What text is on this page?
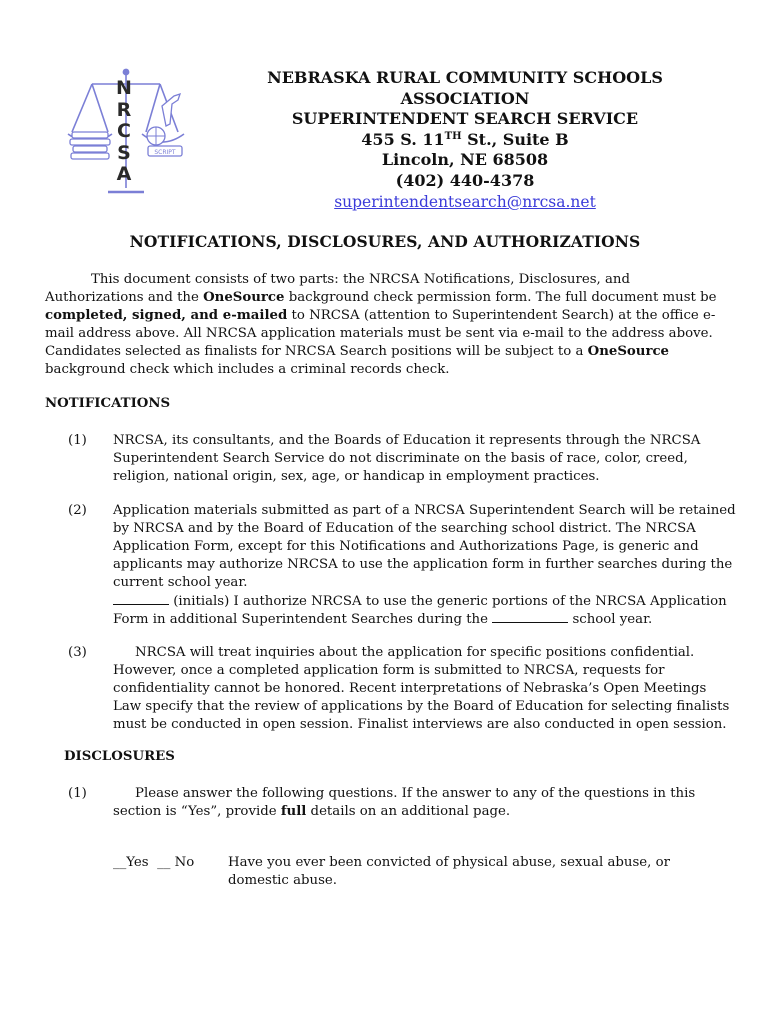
SCRIPT
N
R
C
S
A
NEBRASKA RURAL COMMUNITY SCHOOLS
ASSOCIATION
SUPERINTENDENT SEARCH SERVICE
455 S. 11TH St., Suite B
Lincoln, NE 68508
(402) 440-4378
superintendentsearch@nrcsa.net
NOTIFICATIONS, DISCLOSURES, AND AUTHORIZATIONS

This document consists of two parts: the NRCSA Notifications, Disclosures, and Authorizations and the OneSource background check permission form. The full document must be completed, signed, and e-mailed to NRCSA (attention to Superintendent Search) at the office e-mail address above. All NRCSA application materials must be sent via e-mail to the address above. Candidates selected as finalists for NRCSA Search positions will be subject to a OneSource background check which includes a criminal records check.

NOTIFICATIONS
(1) NRCSA, its consultants, and the Boards of Education it represents through the NRCSA Superintendent Search Service do not discriminate on the basis of race, color, creed, religion, national origin, sex, age, or handicap in employment practices.
(2) Application materials submitted as part of a NRCSA Superintendent Search will be retained by NRCSA and by the Board of Education of the searching school district. The NRCSA Application Form, except for this Notifications and Authorizations Page, is generic and applicants may authorize NRCSA to use the application form in further searches during the current school year.

(initials) I authorize NRCSA to use the generic portions of the NRCSA Application Form in additional Superintendent Searches during the	school year.

(3)	NRCSA will treat inquiries about the application for specific positions confidential. However, once a completed application form is submitted to NRCSA, requests for confidentiality cannot be honored. Recent interpretations of Nebraska’s Open Meetings Law specify that the review of applications by the Board of Education for selecting finalists must be conducted in open session. Finalist interviews are also conducted in open session.
DISCLOSURES
(1)	Please answer the following questions. If the answer to any of the questions in this section is “Yes”, provide full details on an additional page.
__Yes __ No	Have you ever been convicted of physical abuse, sexual abuse, or domestic abuse.
